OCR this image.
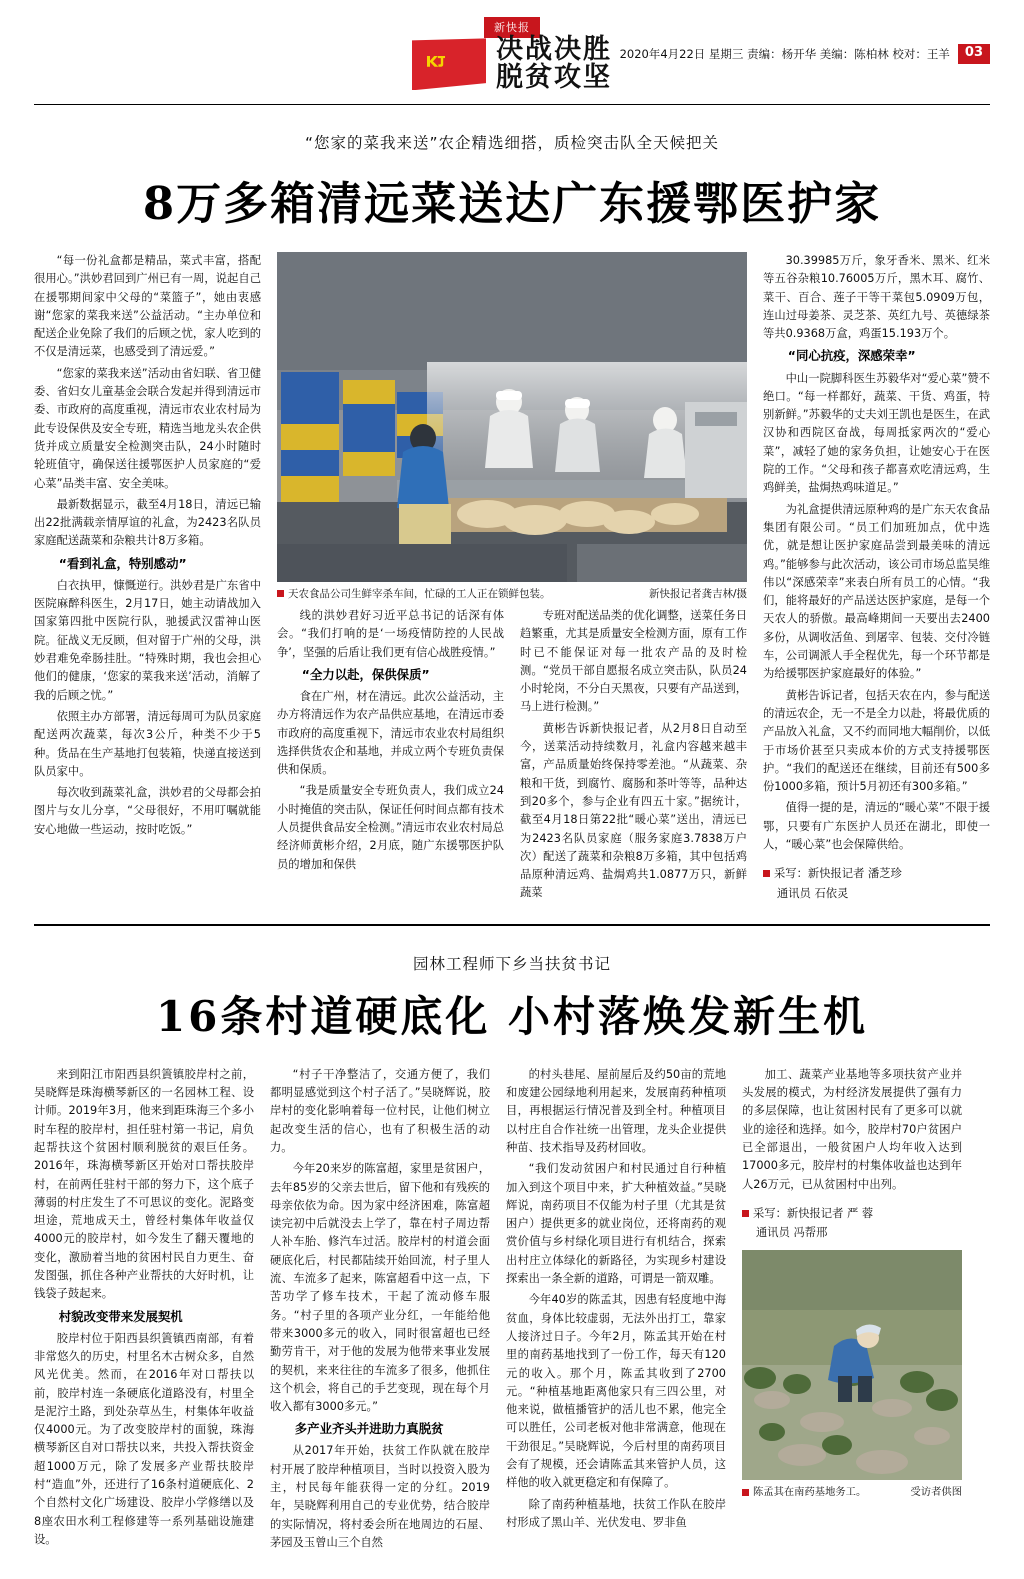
新快报
决战决胜
脱贫攻坚
2020年4月22日 星期三 责编：杨开华 美编：陈柏林 校对：王羊	03
“您家的菜我来送”农企精选细搭，质检突击队全天候把关
8万多箱清远菜送达广东援鄂医护家

“每一份礼盒都是精品，菜式丰富，搭配很用心。”洪妙君回到广州已有一周，说起自己在援鄂期间家中父母的“菜篮子”，她由衷感谢“您家的菜我来送”公益活动。“主办单位和配送企业免除了我们的后顾之忧，家人吃到的不仅是清远菜，也感受到了清远爱。”

“您家的菜我来送”活动由省妇联、省卫健委、省妇女儿童基金会联合发起并得到清远市委、市政府的高度重视，清远市农业农村局为此专设保供及安全专班，精选当地龙头农企供货并成立质量安全检测突击队，24小时随时轮班值守，确保送往援鄂医护人员家庭的“爱心菜”品类丰富、安全美味。

最新数据显示，截至4月18日，清远已输出22批满载亲情厚谊的礼盒，为2423名队员家庭配送蔬菜和杂粮共计8万多箱。

“看到礼盒，特别感动”

白衣执甲，慷慨逆行。洪妙君是广东省中医院麻醉科医生，2月17日，她主动请战加入国家第四批中医院行队，驰援武汉雷神山医院。征战义无反顾，但对留于广州的父母，洪妙君难免牵肠挂肚。“特殊时期，我也会担心他们的健康，‘您家的菜我来送’活动，消解了我的后顾之忧。”

依照主办方部署，清远每周可为队员家庭配送两次蔬菜，每次3公斤，种类不少于5种。货品在生产基地打包装箱，快递直接送到队员家中。

每次收到蔬菜礼盒，洪妙君的父母都会拍图片与女儿分享，“父母很好，不用叮嘱就能安心地做一些运动，按时吃饭。”

天农食品公司生鲜宰杀车间，忙碌的工人正在锁鲜包装。	新快报记者龚吉林/摄

线的洪妙君好习近平总书记的话深有体会。“我们打响的是‘一场疫情防控的人民战争’，坚强的后盾让我们更有信心战胜疫情。”

“全力以赴，保供保质”

食在广州，材在清远。此次公益活动，主办方将清远作为农产品供应基地，在清远市委市政府的高度重视下，清远市农业农村局组织选择供货农企和基地，并成立两个专班负责保供和保质。

“我是质量安全专班负责人，我们成立24小时掩值的突击队，保证任何时间点都有技术人员提供食品安全检测。”清远市农业农村局总经济师黄彬介绍，2月底，随广东援鄂医护队员的增加和保供

专班对配送品类的优化调整，送菜任务日趋繁重，尤其是质量安全检测方面，原有工作时已不能保证对每一批农产品的及时检测。“党员干部自愿报名成立突击队，队员24小时轮岗，不分白天黑夜，只要有产品送到，马上进行检测。”

黄彬告诉新快报记者，从2月8日自动至今，送菜活动持续数月，礼盒内容越来越丰富，产品质量始终保持零差池。“从蔬菜、杂粮和干货，到腐竹、腐肠和茶叶等等，品种达到20多个，参与企业有四五十家。”据统计，截至4月18日第22批“暖心菜”送出，清远已为2423名队员家庭（服务家庭3.7838万户次）配送了蔬菜和杂粮8万多箱，其中包括鸡品原种清远鸡、盐焗鸡共1.0877万只，新鲜蔬菜

30.39985万斤，象牙香米、黑米、红米等五谷杂粮10.76005万斤，黑木耳、腐竹、菜干、百合、莲子干等干菜包5.0909万包，连山过母姜茶、灵芝茶、英红九号、英德绿茶等共0.9368万盒，鸡蛋15.193万个。

“同心抗疫，深感荣幸”

中山一院脚科医生苏毅华对“爱心菜”赞不绝口。“每一样都好，蔬菜、干货、鸡蛋，特别新鲜。”苏毅华的丈夫刘王凯也是医生，在武汉协和西院区奋战，每周抵家两次的“爱心菜”，减轻了她的家务负担，让她安心于在医院的工作。“父母和孩子都喜欢吃清远鸡，生鸡鲜美，盐焗热鸡味道足。”

为礼盒提供清远原种鸡的是广东天农食品集团有限公司。“员工们加班加点，优中选优，就是想让医护家庭品尝到最美味的清远鸡。”能够参与此次活动，该公司市场总监吴维伟以“深感荣幸”来表白所有员工的心情。“我们，能将最好的产品送达医护家庭，是每一个天农人的骄傲。最高峰期间一天要出去2400多份，从调收活鱼、到屠宰、包装、交付冷链车，公司调派人手全程优先，每一个环节都是为给援鄂医护家庭最好的体验。”

黄彬告诉记者，包括天农在内，参与配送的清远农企，无一不是全力以赴，将最优质的产品放入礼盒，又不约而同地大幅削价，以低于市场价甚至只卖成本价的方式支持援鄂医护。“我们的配送还在继续，目前还有500多份1000多箱，预计5月初还有300多箱。”

值得一提的是，清远的“暖心菜”不限于援鄂，只要有广东医护人员还在湖北，即使一人，“暖心菜”也会保障供给。

采写：新快报记者 潘芝珍
通讯员 石依灵
园林工程师下乡当扶贫书记
16条村道硬底化 小村落焕发新生机

来到阳江市阳西县织篢镇胶岸村之前，吴晓辉是珠海横琴新区的一名园林工程、设计师。2019年3月，他来到距珠海三个多小时车程的胶岸村，担任驻村第一书记，肩负起帮扶这个贫困村顺利脱贫的艰巨任务。2016年，珠海横琴新区开始对口帮扶胶岸村，在前两任驻村干部的努力下，这个底子薄弱的村庄发生了不可思议的变化。泥路变坦途，荒地成天土，曾经村集体年收益仅4000元的胶岸村，如今发生了翻天覆地的变化，激励着当地的贫困村民自力更生、奋发图强，抓住各种产业帮扶的大好时机，让钱袋子鼓起来。

村貌改变带来发展契机

胶岸村位于阳西县织篢镇西南部，有着非常悠久的历史，村里名木古树众多，自然风光优美。然而，在2016年对口帮扶以前，胶岸村连一条硬底化道路没有，村里全是泥泞土路，到处杂草丛生，村集体年收益仅4000元。为了改变胶岸村的面貌，珠海横琴新区自对口帮扶以来，共投入帮扶资金超1000万元，除了发展多产业帮扶胶岸村“造血”外，还进行了16条村道硬底化、2个自然村文化广场建设、胶岸小学修缮以及8座农田水利工程修建等一系列基础设施建设。

“村子干净整洁了，交通方便了，我们都明显感觉到这个村子活了。”吴晓辉说，胶岸村的变化影响着每一位村民，让他们树立起改变生活的信心，也有了积极生活的动力。

今年20来岁的陈富超，家里是贫困户，去年85岁的父亲去世后，留下他和有残疾的母亲依依为命。因为家中经济困难，陈富超读完初中后就没去上学了，靠在村子周边帮人补车胎、修汽车过活。胶岸村的村道会面硬底化后，村民都陆续开始回流，村子里人流、车流多了起来，陈富超看中这一点，下苦功学了修车技术，干起了流动修车服务。“村子里的各项产业分红，一年能给他带来3000多元的收入，同时很富超也已经勤劳肯干，对于他的发展为他带来事业发展的契机，来来往往的车流多了很多，他抓住这个机会，将自己的手艺变现，现在每个月收入都有3000多元。”

多产业齐头并进助力真脱贫

从2017年开始，扶贫工作队就在胶岸村开展了胶岸种植项目，当时以投资入股为主，村民每年能获得一定的分红。2019年，吴晓辉利用自己的专业优势，结合胶岸的实际情况，将村委会所在地周边的石屋、茅园及玉曾山三个自然

的村头巷尾、屋前屋后及约50亩的荒地和废建公园绿地利用起来，发展南药种植项目，再根据运行情况普及到全村。种植项目以村庄自合作社统一出管理，龙头企业提供种苗、技术指导及药材回收。

“我们发动贫困户和村民通过自行种植加入到这个项目中来，扩大种植效益。”吴晓辉说，南药项目不仅能为村子里（尤其是贫困户）提供更多的就业岗位，还将南药的观赏价值与乡村绿化项目进行有机结合，探索出村庄立体绿化的新路径，为实现乡村建设探索出一条全新的道路，可谓是一箭双雕。

今年40岁的陈孟其，因患有轻度地中海贫血，身体比较虚弱，无法外出打工，靠家人接济过日子。今年2月，陈孟其开始在村里的南药基地找到了一份工作，每天有120元的收入。那个月，陈孟其收到了2700元。“种植基地距离他家只有三四公里，对他来说，做植播管护的活儿也不累，他完全可以胜任，公司老板对他非常满意，他现在干劲很足。”吴晓辉说，今后村里的南药项目会有了规模，还会请陈孟其来管护人员，这样他的收入就更稳定和有保障了。

除了南药种植基地，扶贫工作队在胶岸村形成了黑山羊、光伏发电、罗非鱼

加工、蔬菜产业基地等多项扶贫产业并头发展的模式，为村经济发展提供了强有力的多层保障，也让贫困村民有了更多可以就业的途径和选择。如今，胶岸村70户贫困户已全部退出，一般贫困户人均年收入达到17000多元，胶岸村的村集体收益也达到年人26万元，已从贫困村中出列。

采写：新快报记者 严 蓉
通讯员 冯帮邢
陈孟其在南药基地务工。	受访者供图
